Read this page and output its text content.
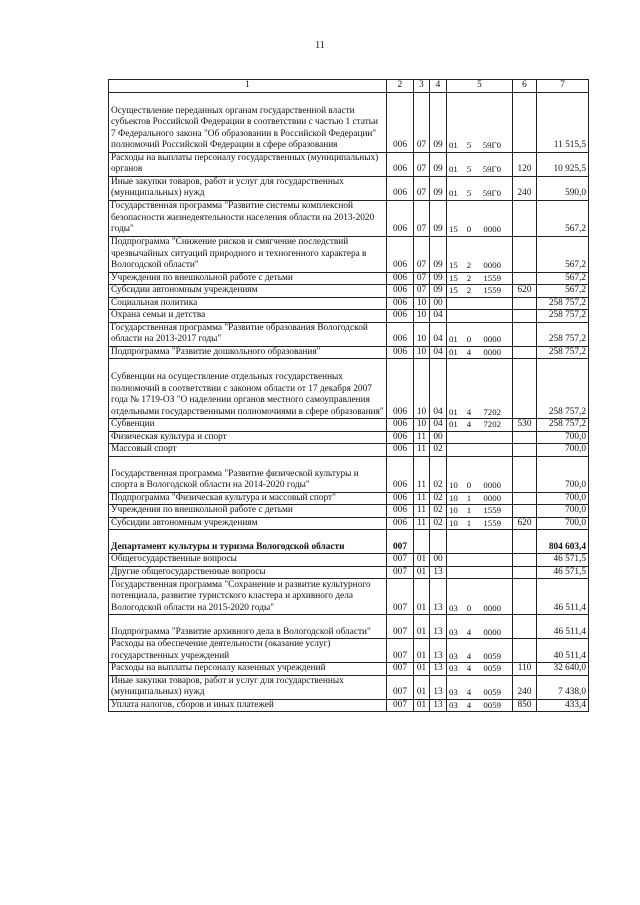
11
1	2	3	4	5	6	7
Осуществление переданных органам государственной власти субъектов Российской Федерации в соответствии с частью 1 статьи 7 Федерального закона "Об образовании в Российской Федерации" полномочий Российской Федерации в сфере образования	006	07	09	01 5 59Г0		11 515,5
Расходы на выплаты персоналу государственных (муниципальных) органов	006	07	09	01 5 59Г0	120	10 925,5
Иные закупки товаров, работ и услуг для государственных (муниципальных) нужд	006	07	09	01 5 59Г0	240	590,0
Государственная программа "Развитие системы комплексной безопасности жизнедеятельности населения области на 2013-2020 годы"	006	07	09	15 0 0000		567,2
Подпрограмма "Снижение рисков и смягчение последствий чрезвычайных ситуаций природного и техногенного характера в Вологодской области"	006	07	09	15 2 0000		567,2
Учреждения по внешкольной работе с детьми	006	07	09	15 2 1559		567,2
Субсидии автономным учреждениям	006	07	09	15 2 1559	620	567,2
Социальная политика	006	10	00			258 757,2
Охрана семьи и детства	006	10	04			258 757,2
Государственная программа "Развитие образования Вологодской области на 2013-2017 годы"	006	10	04	01 0 0000		258 757,2
Подпрограмма "Развитие дошкольного образования"	006	10	04	01 4 0000		258 757,2
Субвенции на осуществление отдельных государственных полномочий в соответствии с законом области от 17 декабря 2007 года № 1719-ОЗ "О наделении органов местного самоуправления отдельными государственными полномочиями в сфере образования"	006	10	04	01 4 7202		258 757,2
Субвенции	006	10	04	01 4 7202	530	258 757,2
Физическая культура и спорт	006	11	00			700,0
Массовый спорт	006	11	02			700,0
Государственная программа "Развитие физической культуры и спорта в Вологодской области на 2014-2020 годы"	006	11	02	10 0 0000		700,0
Подпрограмма "Физическая культура и массовый спорт"	006	11	02	10 1 0000		700,0
Учреждения по внешкольной работе с детьми	006	11	02	10 1 1559		700,0
Субсидии автономным учреждениям	006	11	02	10 1 1559	620	700,0
Департамент культуры и туризма Вологодской области	007					804 603,4
Общегосударственные вопросы	007	01	00			46 571,5
Другие общегосударственные вопросы	007	01	13			46 571,5
Государственная программа "Сохранение и развитие культурного потенциала, развитие туристского кластера и архивного дела Вологодской области на 2015-2020 годы"	007	01	13	03 0 0000		46 511,4
Подпрограмма "Развитие архивного дела в Вологодской области"	007	01	13	03 4 0000		46 511,4
Расходы на обеспечение деятельности (оказание услуг) государственных учреждений	007	01	13	03 4 0059		40 511,4
Расходы на выплаты персоналу казенных учреждений	007	01	13	03 4 0059	110	32 640,0
Иные закупки товаров, работ и услуг для государственных (муниципальных) нужд	007	01	13	03 4 0059	240	7 438,0
Уплата налогов, сборов и иных платежей	007	01	13	03 4 0059	850	433,4
